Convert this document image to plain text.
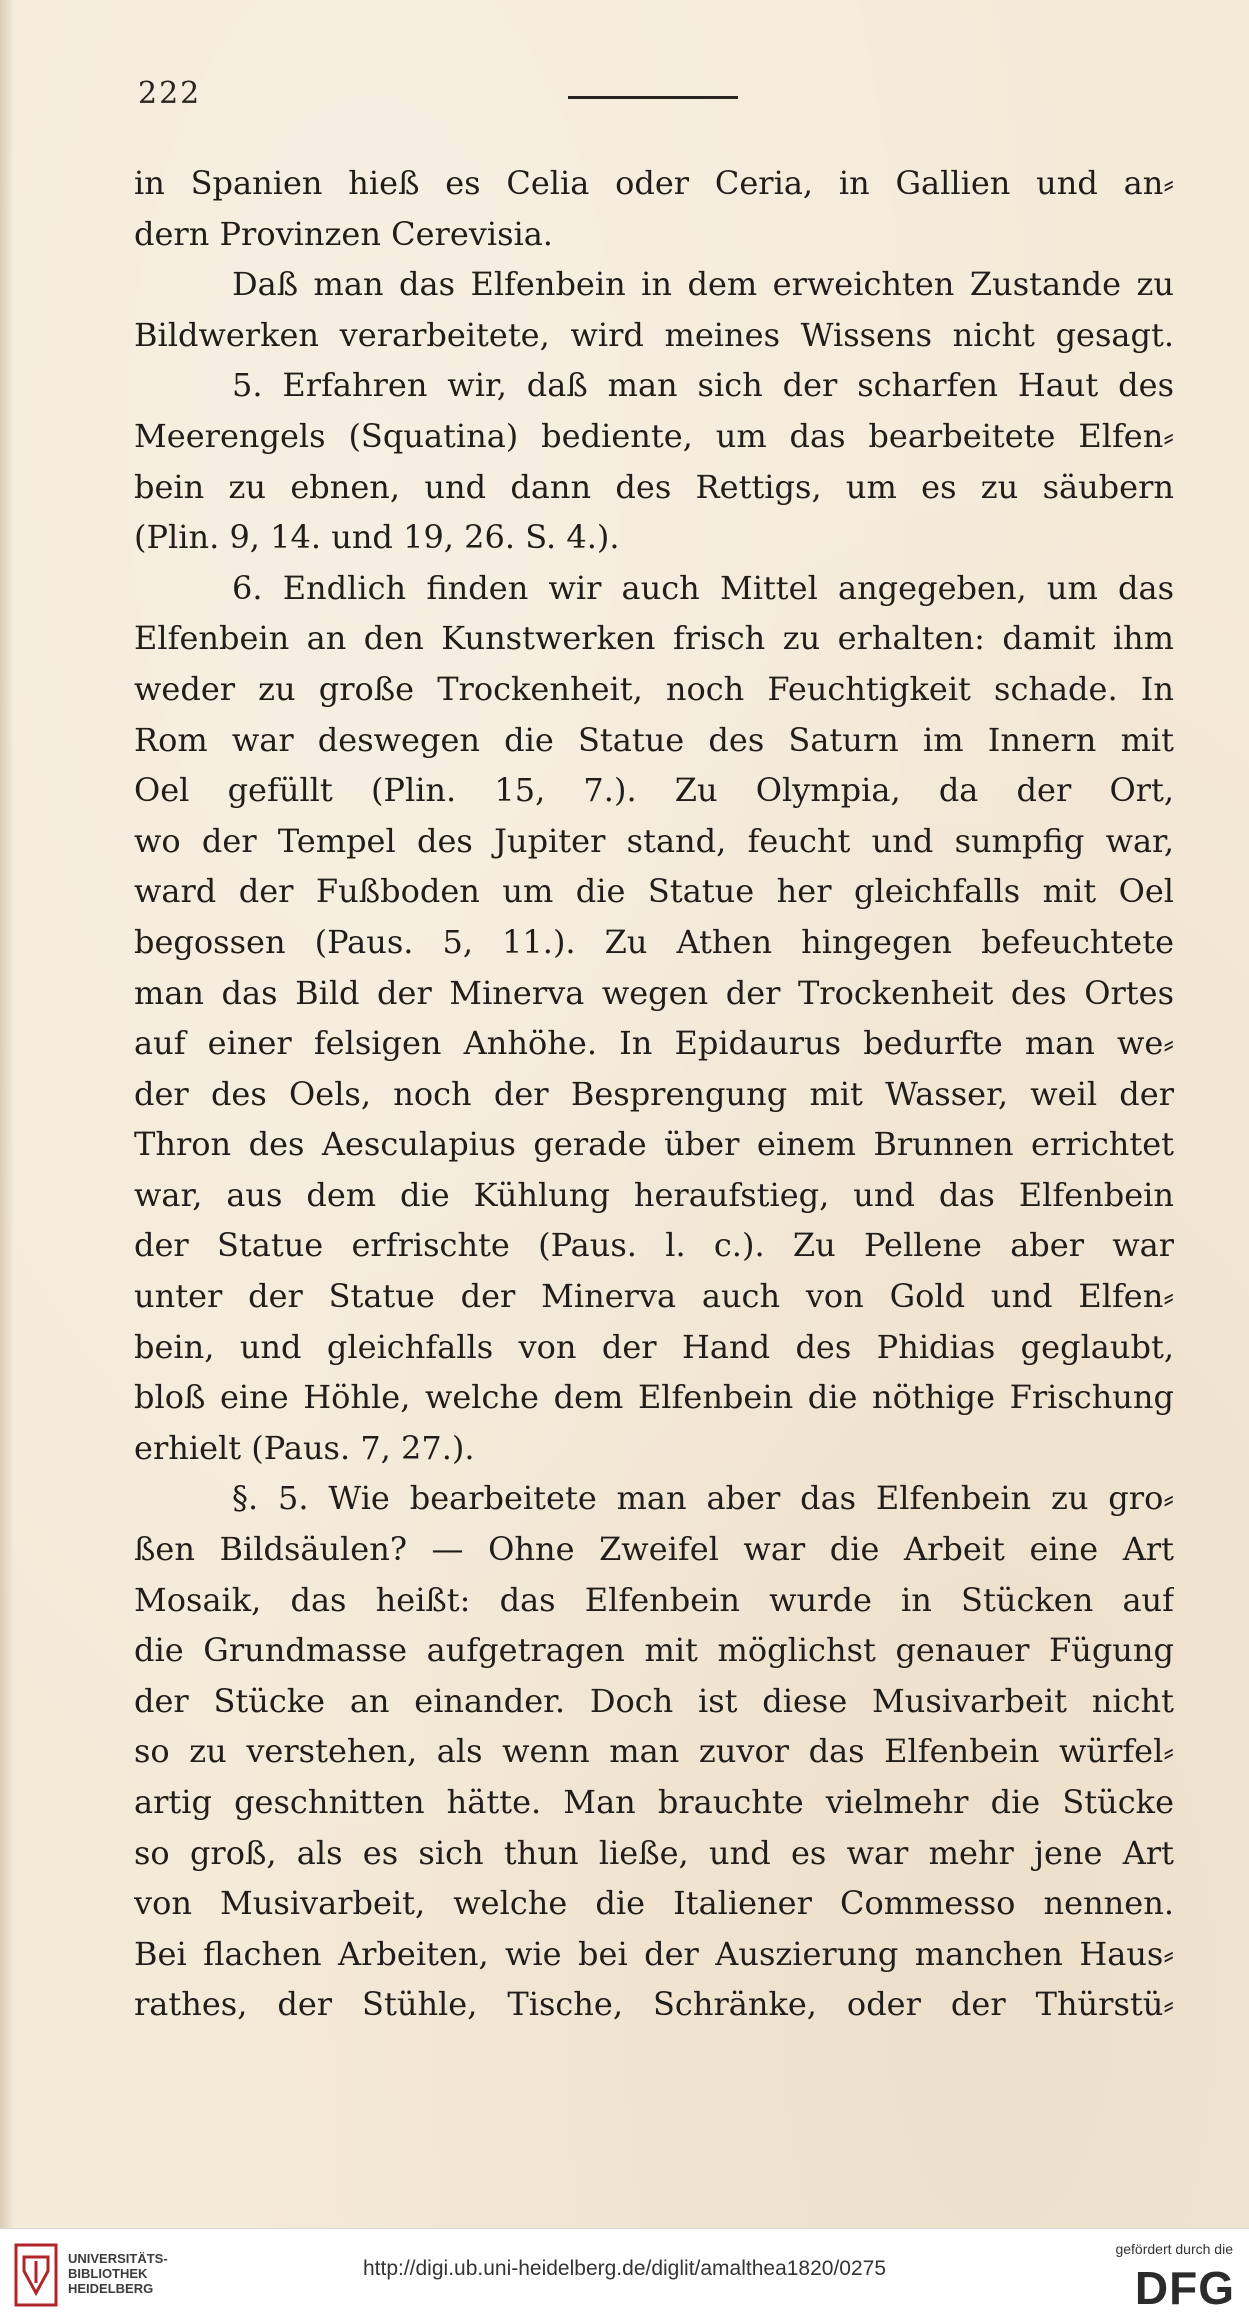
222
in Spanien hieß es Celia oder Ceria, in Gallien und an⸗
dern Provinzen Cerevisia.
Daß man das Elfenbein in dem erweichten Zustande zu
Bildwerken verarbeitete, wird meines Wissens nicht gesagt.
5. Erfahren wir, daß man sich der scharfen Haut des
Meerengels (Squatina) bediente, um das bearbeitete Elfen⸗
bein zu ebnen, und dann des Rettigs, um es zu säubern
(Plin. 9, 14. und 19, 26. S. 4.).
6. Endlich finden wir auch Mittel angegeben, um das
Elfenbein an den Kunstwerken frisch zu erhalten: damit ihm
weder zu große Trockenheit, noch Feuchtigkeit schade. In
Rom war deswegen die Statue des Saturn im Innern mit
Oel gefüllt (Plin. 15, 7.). Zu Olympia, da der Ort,
wo der Tempel des Jupiter stand, feucht und sumpfig war,
ward der Fußboden um die Statue her gleichfalls mit Oel
begossen (Paus. 5, 11.). Zu Athen hingegen befeuchtete
man das Bild der Minerva wegen der Trockenheit des Ortes
auf einer felsigen Anhöhe. In Epidaurus bedurfte man we⸗
der des Oels, noch der Besprengung mit Wasser, weil der
Thron des Aesculapius gerade über einem Brunnen errichtet
war, aus dem die Kühlung heraufstieg, und das Elfenbein
der Statue erfrischte (Paus. l. c.). Zu Pellene aber war
unter der Statue der Minerva auch von Gold und Elfen⸗
bein, und gleichfalls von der Hand des Phidias geglaubt,
bloß eine Höhle, welche dem Elfenbein die nöthige Frischung
erhielt (Paus. 7, 27.).
§. 5. Wie bearbeitete man aber das Elfenbein zu gro⸗
ßen Bildsäulen? — Ohne Zweifel war die Arbeit eine Art
Mosaik, das heißt: das Elfenbein wurde in Stücken auf
die Grundmasse aufgetragen mit möglichst genauer Fügung
der Stücke an einander. Doch ist diese Musivarbeit nicht
so zu verstehen, als wenn man zuvor das Elfenbein würfel⸗
artig geschnitten hätte. Man brauchte vielmehr die Stücke
so groß, als es sich thun ließe, und es war mehr jene Art
von Musivarbeit, welche die Italiener Commesso nennen.
Bei flachen Arbeiten, wie bei der Auszierung manchen Haus⸗
rathes, der Stühle, Tische, Schränke, oder der Thürstü⸗
UNIVERSITÄTS-
BIBLIOTHEK
HEIDELBERG
http://digi.ub.uni-heidelberg.de/diglit/amalthea1820/0275
gefördert durch die
DFG
